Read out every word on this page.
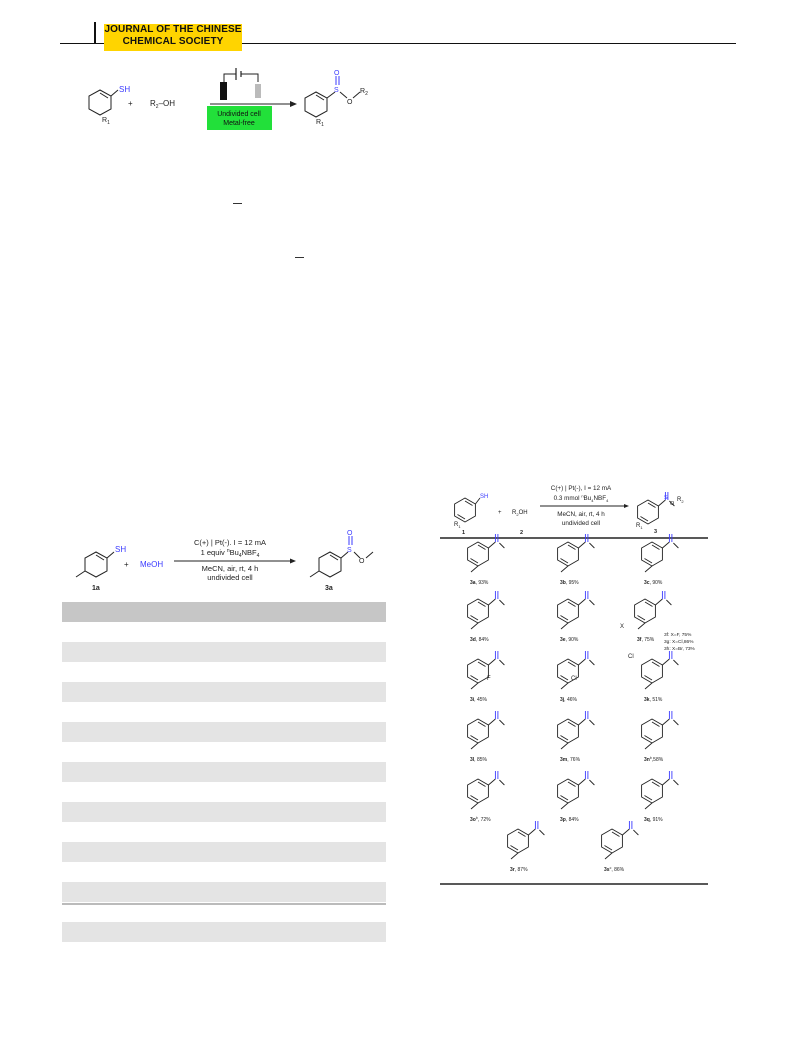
JOURNAL OF THE CHINESE
CHEMICAL SOCIETY
SH
$R_1$
+ $R_2-OH$
Undivided cell
Metal-free
O
S
O
$R_2$
$R_1$
SH
1a
+ MeOH
C(+) | Pt(-). I = 12 mA
1 equiv $^nBu_4NBF_4$
MeCN, air, rt, 4 h
undivided cell
O
S
O
3a
SH
$R_1$
1
+ $R_2OH$
2
C(+) | Pt(-), I = 12 mA
0.3 mmol $^nBu_4NBF_4$
MeCN, air, rt, 4 h
undivided cell
S
O
$R_2$
$R_1$
3
3a, 93%	3b, 95%	3c, 90%
3d, 84%	3e, 90%	3f, 75%
3i, 45%	3j, 46%	3k, 51%
3l, 85%	3m, 76%	$3n^b,58\%$
$3o^b$, 72%	3p, 84%	3q, 91%
3r, 87%	$3s^c$, 86%
X
3f: X=F, 75%
3g: X=Cl,86%
3h: X=Br, 73%
F	Cl
Cl
